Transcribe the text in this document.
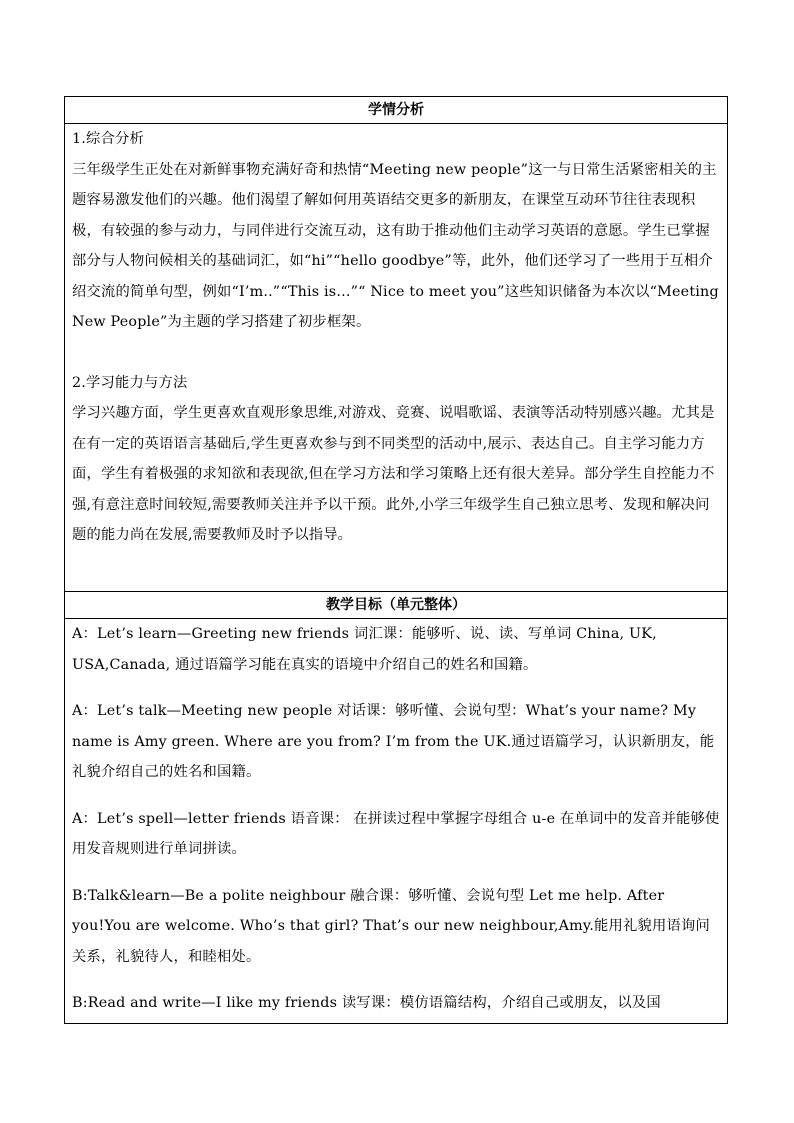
学情分析

1.综合分析

三年级学生正处在对新鲜事物充满好奇和热情“Meeting new people”这一与日常生活紧密相关的主题容易激发他们的兴趣。他们渴望了解如何用英语结交更多的新朋友，在课堂互动环节往往表现积极，有较强的参与动力，与同伴进行交流互动，这有助于推动他们主动学习英语的意愿。学生已掌握部分与人物问候相关的基础词汇，如“hi”“hello goodbye”等，此外，他们还学习了一些用于互相介绍交流的简单句型，例如“I’m..”“This is...”“ Nice to meet you”这些知识储备为本次以“Meeting New People”为主题的学习搭建了初步框架。

2.学习能力与方法

学习兴趣方面，学生更喜欢直观形象思维,对游戏、竞赛、说唱歌谣、表演等活动特别感兴趣。尤其是在有一定的英语语言基础后,学生更喜欢参与到不同类型的活动中,展示、表达自己。自主学习能力方面，学生有着极强的求知欲和表现欲,但在学习方法和学习策略上还有很大差异。部分学生自控能力不强,有意注意时间较短,需要教师关注并予以干预。此外,小学三年级学生自己独立思考、发现和解决问题的能力尚在发展,需要教师及时予以指导。

教学目标（单元整体）

A：Let’s learn—Greeting new friends 词汇课：能够听、说、读、写单词 China, UK, USA,Canada, 通过语篇学习能在真实的语境中介绍自己的姓名和国籍。

A：Let’s talk—Meeting new people 对话课：够听懂、会说句型：What’s your name? My name is Amy green. Where are you from? I’m from the UK.通过语篇学习，认识新朋友，能礼貌介绍自己的姓名和国籍。

A：Let’s spell—letter friends 语音课： 在拼读过程中掌握字母组合 u-e 在单词中的发音并能够使用发音规则进行单词拼读。

B:Talk&learn—Be a polite neighbour 融合课：够听懂、会说句型 Let me help. After you!You are welcome. Who’s that girl? That’s our new neighbour,Amy.能用礼貌用语询问关系，礼貌待人，和睦相处。

B:Read and write—I like my friends 读写课：模仿语篇结构，介绍自己或朋友，以及国
